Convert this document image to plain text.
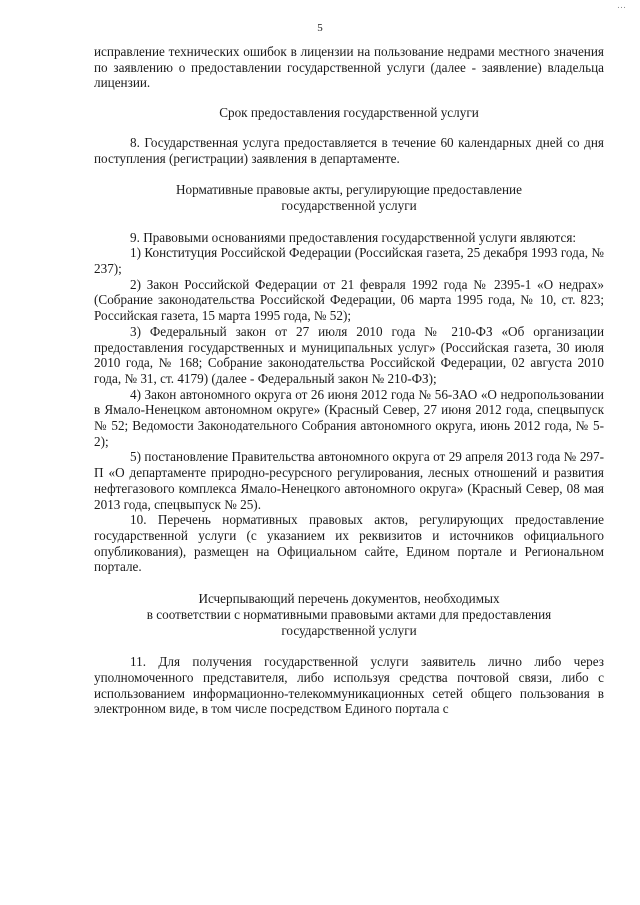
…
5

исправление технических ошибок в лицензии на пользование недрами местного значения по заявлению о предоставлении государственной услуги (далее - заявление) владельца лицензии.

Срок предоставления государственной услуги

8. Государственная услуга предоставляется в течение 60 календарных дней со дня поступления (регистрации) заявления в департаменте.

Нормативные правовые акты, регулирующие предоставление

государственной услуги

9. Правовыми основаниями предоставления государственной услуги являются:

1) Конституция Российской Федерации (Российская газета, 25 декабря 1993 года, № 237);

2) Закон Российской Федерации от 21 февраля 1992 года № 2395-1 «О недрах» (Собрание законодательства Российской Федерации, 06 марта 1995 года, № 10, ст. 823; Российская газета, 15 марта 1995 года, № 52);

3) Федеральный закон от 27 июля 2010 года № 210-ФЗ «Об организации предоставления государственных и муниципальных услуг» (Российская газета, 30 июля 2010 года, № 168; Собрание законодательства Российской Федерации, 02 августа 2010 года, № 31, ст. 4179) (далее - Федеральный закон № 210-ФЗ);

4) Закон автономного округа от 26 июня 2012 года № 56-ЗАО «О недропользовании в Ямало-Ненецком автономном округе» (Красный Север, 27 июня 2012 года, спецвыпуск № 52; Ведомости Законодательного Собрания автономного округа, июнь 2012 года, № 5-2);

5) постановление Правительства автономного округа от 29 апреля 2013 года № 297-П «О департаменте природно-ресурсного регулирования, лесных отношений и развития нефтегазового комплекса Ямало-Ненецкого автономного округа» (Красный Север, 08 мая 2013 года, спецвыпуск № 25).

10. Перечень нормативных правовых актов, регулирующих предоставление государственной услуги (с указанием их реквизитов и источников официального опубликования), размещен на Официальном сайте, Едином портале и Региональном портале.

Исчерпывающий перечень документов, необходимых

в соответствии с нормативными правовыми актами для предоставления

государственной услуги

11. Для получения государственной услуги заявитель лично либо через уполномоченного представителя, либо используя средства почтовой связи, либо с использованием информационно-телекоммуникационных сетей общего пользования в электронном виде, в том числе посредством Единого портала с
